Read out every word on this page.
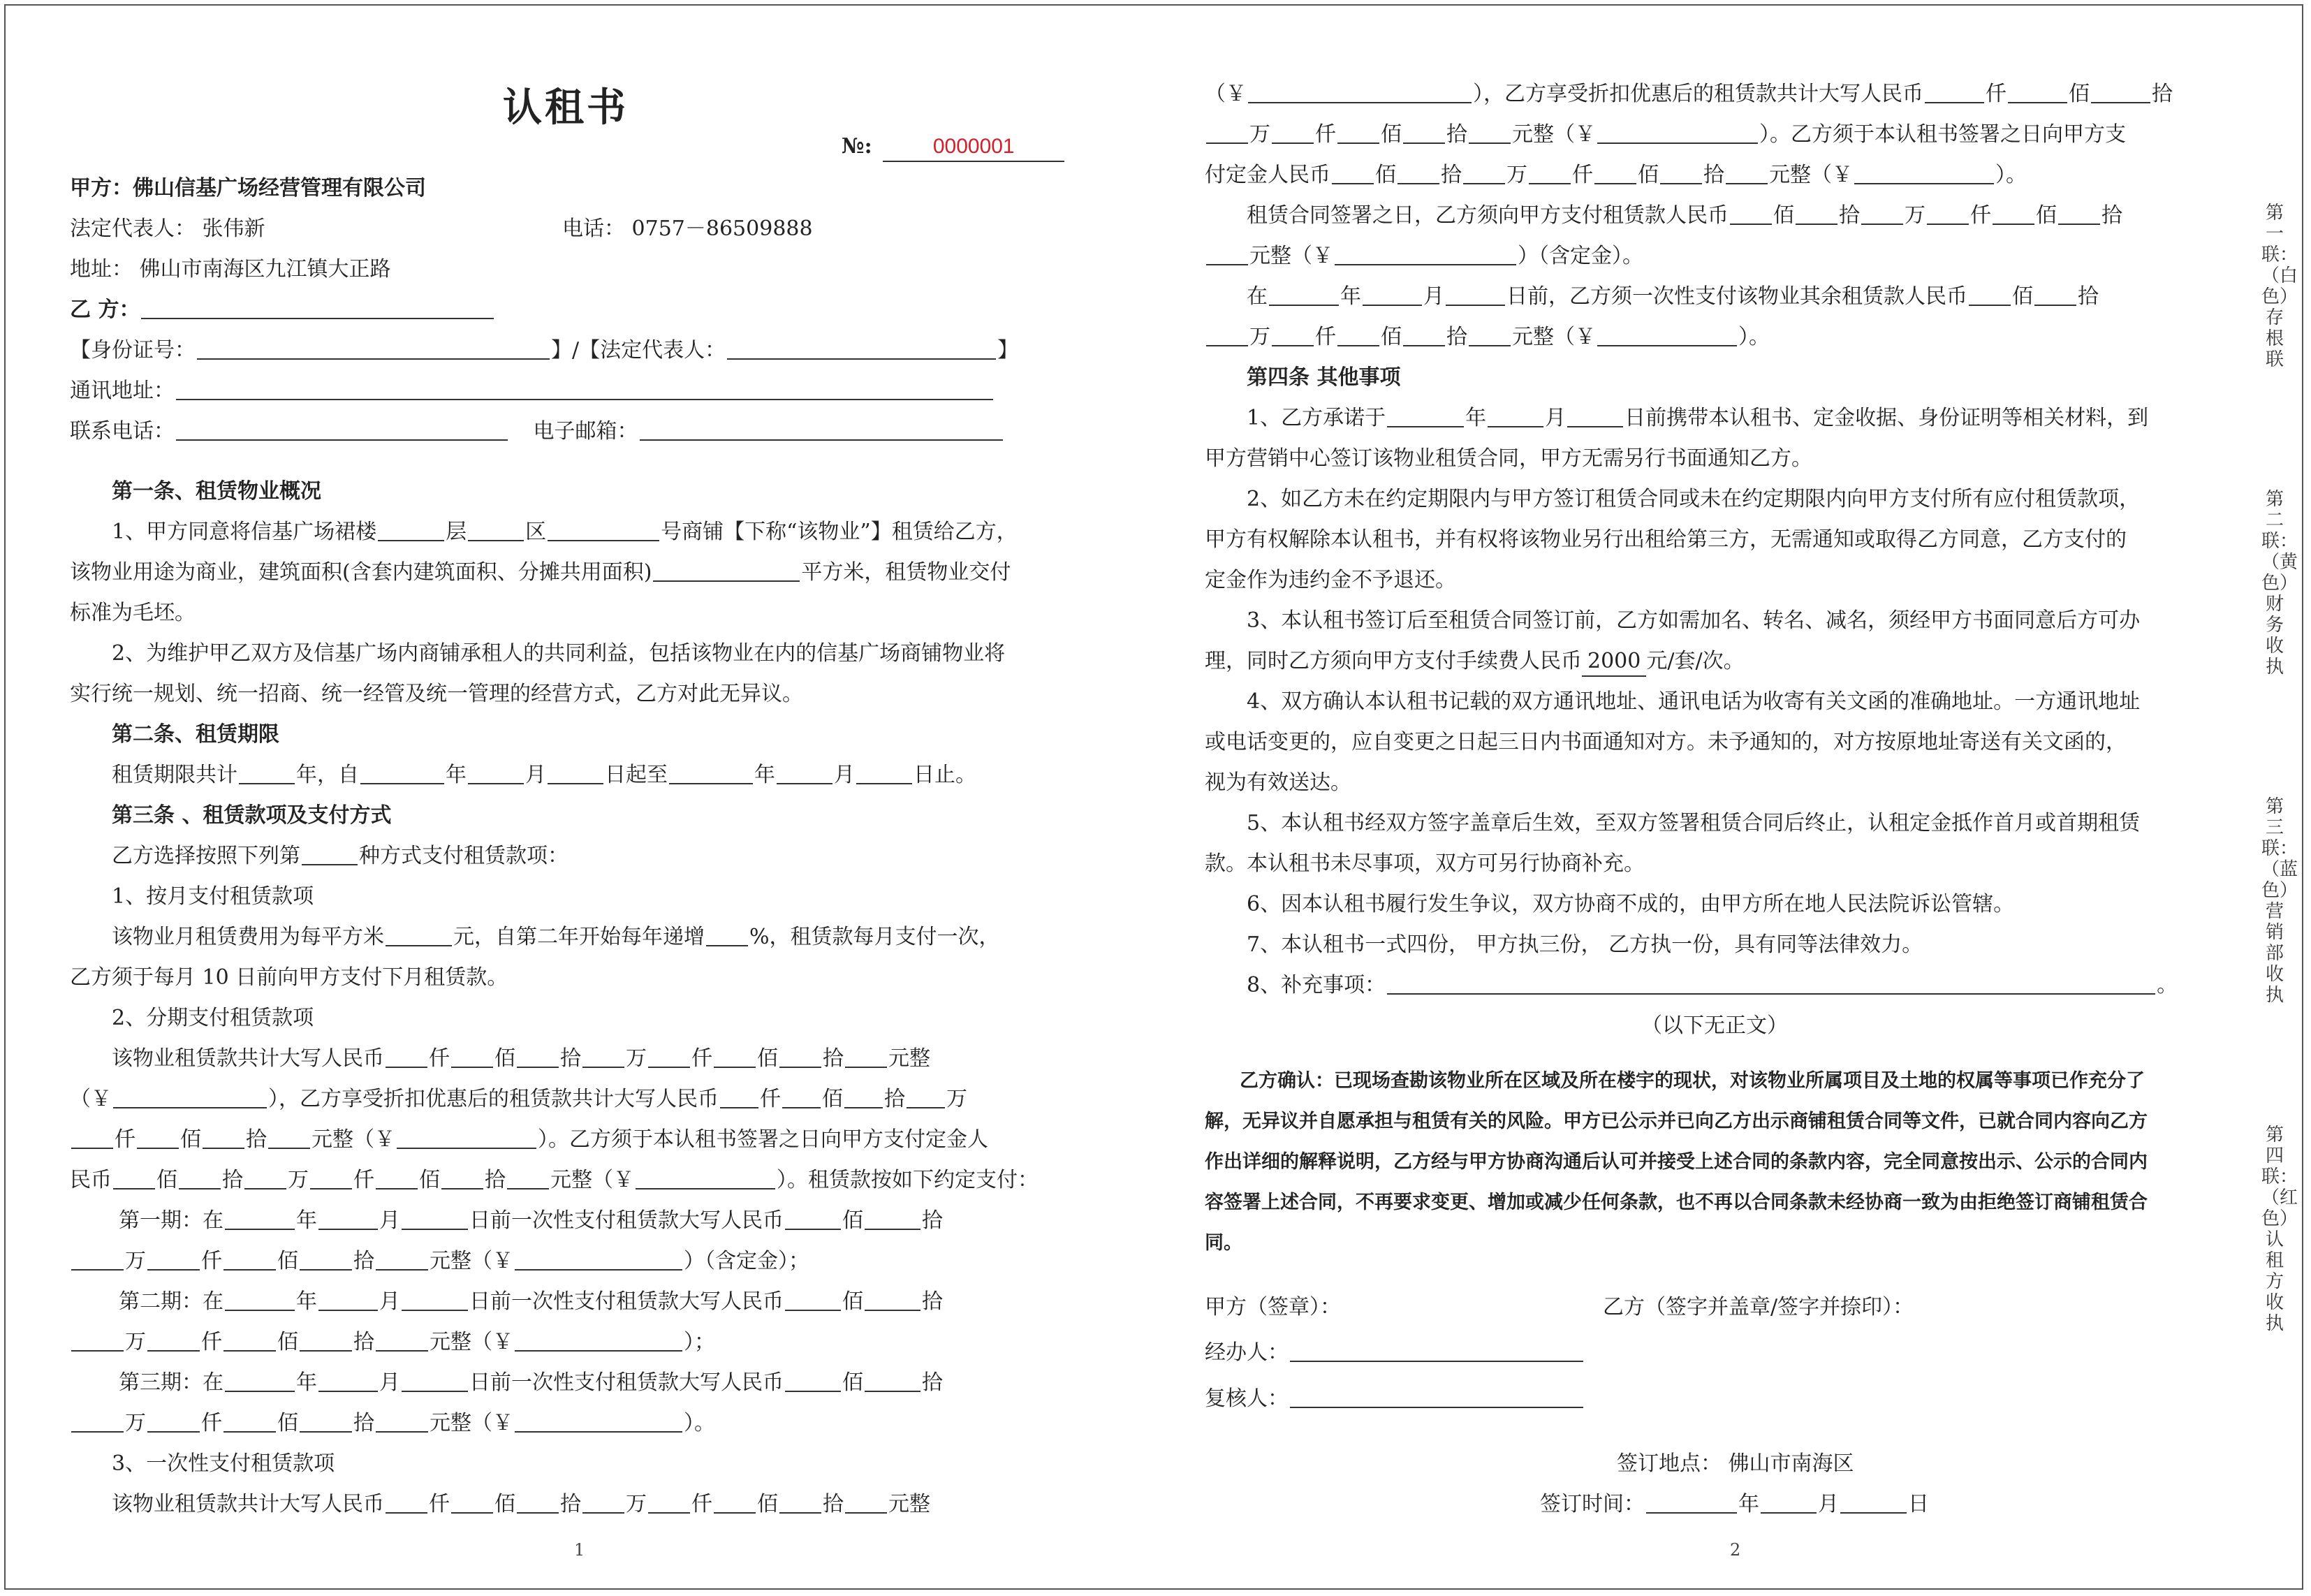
认租书
№:	0000001
甲方：佛山信基广场经营管理有限公司
法定代表人： 张伟新	电话： 0757－86509888
地址： 佛山市南海区九江镇大正路
乙 方：
【身份证号：	】/【法定代表人：	】
通讯地址：
联系电话：	电子邮箱：
第一条、租赁物业概况
1、甲方同意将信基广场裙楼	层	区	号商铺【下称“该物业”】租赁给乙方，
该物业用途为商业，建筑面积(含套内建筑面积、分摊共用面积)	平方米，租赁物业交付
标准为毛坯。
2、为维护甲乙双方及信基广场内商铺承租人的共同利益，包括该物业在内的信基广场商铺物业将
实行统一规划、统一招商、统一经管及统一管理的经营方式，乙方对此无异议。
第二条、租赁期限
租赁期限共计	年，自	年	月	日起至	年	月	日止。
第三条 、租赁款项及支付方式
乙方选择按照下列第	种方式支付租赁款项：
1、按月支付租赁款项
该物业月租赁费用为每平方米	元，自第二年开始每年递增 %，租赁款每月支付一次，
乙方须于每月 10 日前向甲方支付下月租赁款。
2、分期支付租赁款项
该物业租赁款共计大写人民币 仟 佰 拾 万 仟 佰 拾 元整
（￥	），乙方享受折扣优惠后的租赁款共计大写人民币 仟 佰 拾 万
仟 佰 拾 元整（￥	）。乙方须于本认租书签署之日向甲方支付定金人
民币 佰 拾 万 仟 佰 拾 元整（￥	）。租赁款按如下约定支付：
第一期：在	年	月	日前一次性支付租赁款大写人民币	佰	拾
万	仟	佰	拾	元整（￥	）（含定金）；
第二期：在	年	月	日前一次性支付租赁款大写人民币	佰	拾
万	仟	佰	拾	元整（￥	）；
第三期：在	年	月	日前一次性支付租赁款大写人民币	佰	拾
万	仟	佰	拾	元整（￥	）。
3、一次性支付租赁款项
该物业租赁款共计大写人民币 仟 佰 拾 万 仟 佰 拾 元整
1
（￥	），乙方享受折扣优惠后的租赁款共计大写人民币	仟	佰	拾
万 仟 佰 拾 元整（￥	）。乙方须于本认租书签署之日向甲方支
付定金人民币 佰 拾 万 仟 佰 拾 元整（￥	）。
租赁合同签署之日，乙方须向甲方支付租赁款人民币 佰 拾 万 仟 佰 拾
元整（￥	）（含定金）。
在	年	月	日前，乙方须一次性支付该物业其余租赁款人民币 佰 拾
万 仟 佰 拾 元整（￥	）。
第四条 其他事项
1、乙方承诺于	年	月	日前携带本认租书、定金收据、身份证明等相关材料，到
甲方营销中心签订该物业租赁合同，甲方无需另行书面通知乙方。
2、如乙方未在约定期限内与甲方签订租赁合同或未在约定期限内向甲方支付所有应付租赁款项，
甲方有权解除本认租书，并有权将该物业另行出租给第三方，无需通知或取得乙方同意，乙方支付的
定金作为违约金不予退还。
3、本认租书签订后至租赁合同签订前，乙方如需加名、转名、减名，须经甲方书面同意后方可办
理，同时乙方须向甲方支付手续费人民币 2000 元/套/次。
4、双方确认本认租书记载的双方通讯地址、通讯电话为收寄有关文函的准确地址。一方通讯地址
或电话变更的，应自变更之日起三日内书面通知对方。未予通知的，对方按原地址寄送有关文函的，
视为有效送达。
5、本认租书经双方签字盖章后生效，至双方签署租赁合同后终止，认租定金抵作首月或首期租赁
款。本认租书未尽事项，双方可另行协商补充。
6、因本认租书履行发生争议，双方协商不成的，由甲方所在地人民法院诉讼管辖。
7、本认租书一式四份， 甲方执三份， 乙方执一份，具有同等法律效力。
8、补充事项：	。
（以下无正文）
乙方确认：已现场查勘该物业所在区域及所在楼宇的现状，对该物业所属项目及土地的权属等事项已作充分了
解，无异议并自愿承担与租赁有关的风险。甲方已公示并已向乙方出示商铺租赁合同等文件，已就合同内容向乙方
作出详细的解释说明，乙方经与甲方协商沟通后认可并接受上述合同的条款内容，完全同意按出示、公示的合同内
容签署上述合同，不再要求变更、增加或减少任何条款，也不再以合同条款未经协商一致为由拒绝签订商铺租赁合
同。
甲方（签章）：	乙方（签字并盖章/签字并捺印）：
经办人：
复核人：
签订地点： 佛山市南海区
签订时间：	年	月	日
2
第一联：（白色）存根联
第二联：（黄色）财务收执
第三联：（蓝色）营销部收执
第四联：（红色）认租方收执
